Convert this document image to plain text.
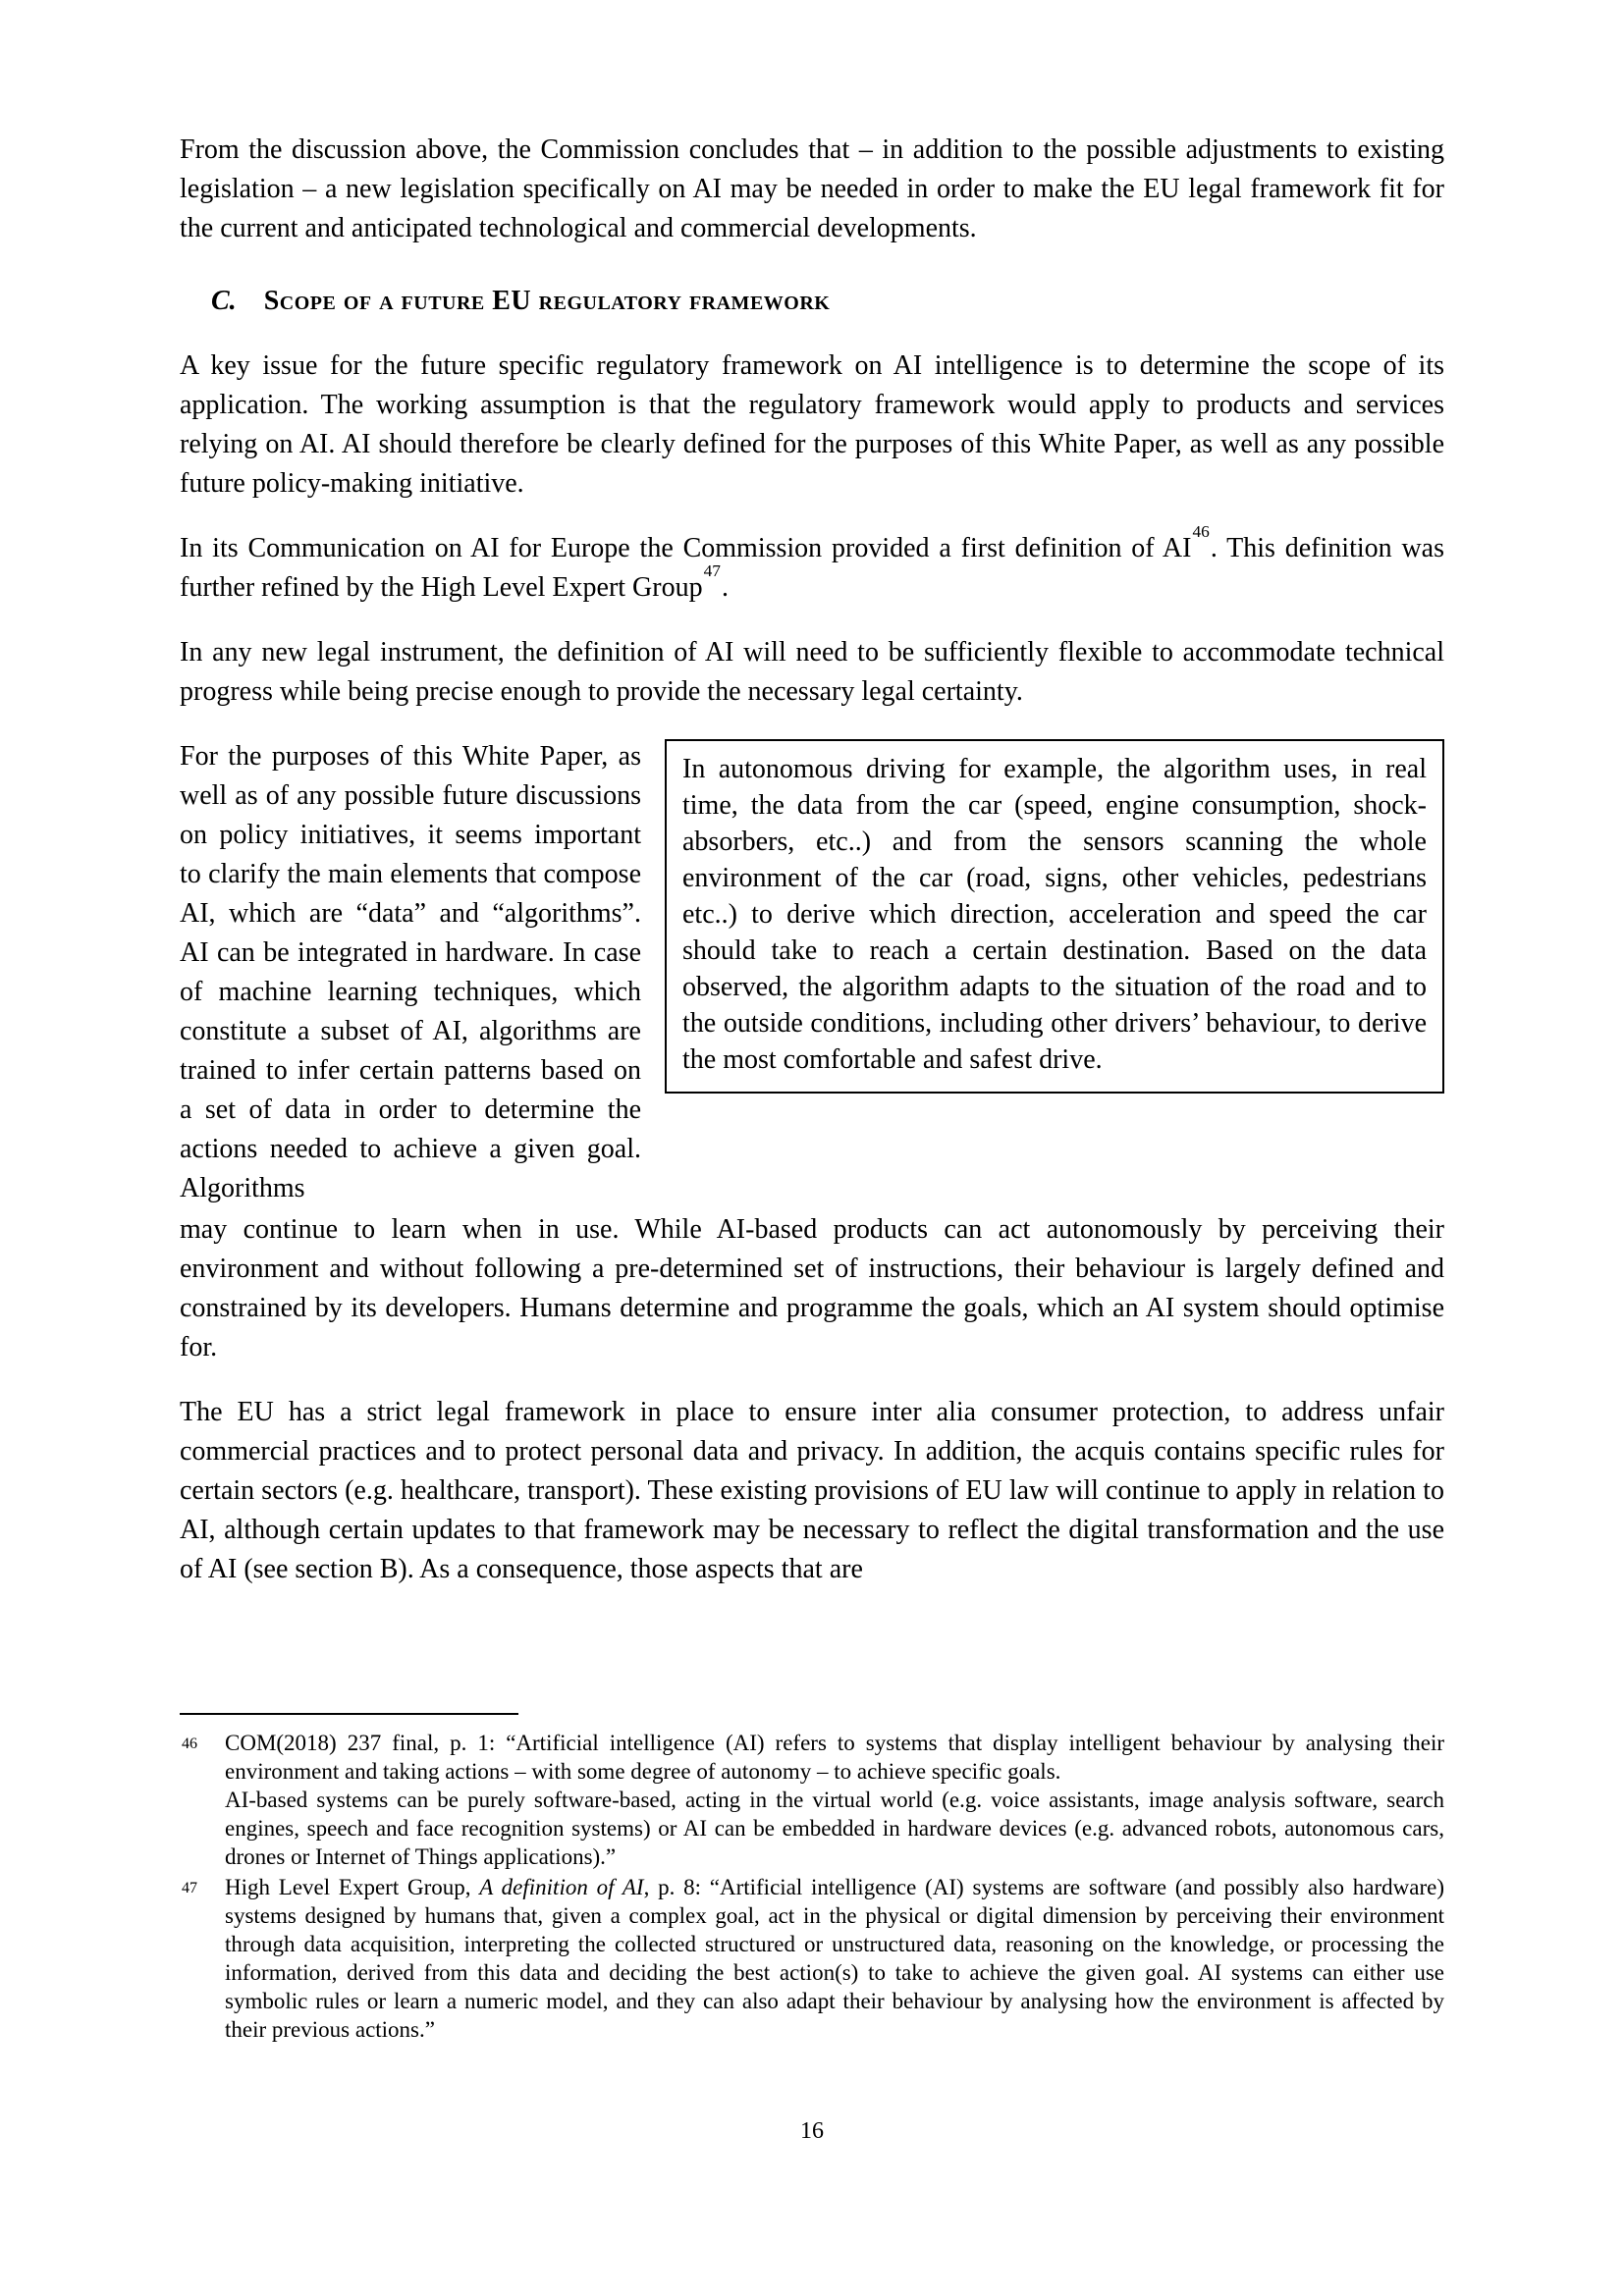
From the discussion above, the Commission concludes that – in addition to the possible adjustments to existing legislation – a new legislation specifically on AI may be needed in order to make the EU legal framework fit for the current and anticipated technological and commercial developments.

C. Scope of a future EU regulatory framework

A key issue for the future specific regulatory framework on AI intelligence is to determine the scope of its application. The working assumption is that the regulatory framework would apply to products and services relying on AI. AI should therefore be clearly defined for the purposes of this White Paper, as well as any possible future policy-making initiative.

In its Communication on AI for Europe the Commission provided a first definition of AI$^{46}$. This definition was further refined by the High Level Expert Group$^{47}$.

In any new legal instrument, the definition of AI will need to be sufficiently flexible to accommodate technical progress while being precise enough to provide the necessary legal certainty.

For the purposes of this White Paper, as well as of any possible future discussions on policy initiatives, it seems important to clarify the main elements that compose AI, which are “data” and “algorithms”. AI can be integrated in hardware. In case of machine learning techniques, which constitute a subset of AI, algorithms are trained to infer certain patterns based on a set of data in order to determine the actions needed to achieve a given goal. Algorithms

In autonomous driving for example, the algorithm uses, in real time, the data from the car (speed, engine consumption, shock-absorbers, etc..) and from the sensors scanning the whole environment of the car (road, signs, other vehicles, pedestrians etc..) to derive which direction, acceleration and speed the car should take to reach a certain destination. Based on the data observed, the algorithm adapts to the situation of the road and to the outside conditions, including other drivers’ behaviour, to derive the most comfortable and safest drive.

may continue to learn when in use. While AI-based products can act autonomously by perceiving their environment and without following a pre-determined set of instructions, their behaviour is largely defined and constrained by its developers. Humans determine and programme the goals, which an AI system should optimise for.

The EU has a strict legal framework in place to ensure inter alia consumer protection, to address unfair commercial practices and to protect personal data and privacy. In addition, the acquis contains specific rules for certain sectors (e.g. healthcare, transport). These existing provisions of EU law will continue to apply in relation to AI, although certain updates to that framework may be necessary to reflect the digital transformation and the use of AI (see section B). As a consequence, those aspects that are

46 COM(2018) 237 final, p. 1: “Artificial intelligence (AI) refers to systems that display intelligent behaviour by analysing their environment and taking actions – with some degree of autonomy – to achieve specific goals.
AI-based systems can be purely software-based, acting in the virtual world (e.g. voice assistants, image analysis software, search engines, speech and face recognition systems) or AI can be embedded in hardware devices (e.g. advanced robots, autonomous cars, drones or Internet of Things applications).”
47 High Level Expert Group, A definition of AI, p. 8: “Artificial intelligence (AI) systems are software (and possibly also hardware) systems designed by humans that, given a complex goal, act in the physical or digital dimension by perceiving their environment through data acquisition, interpreting the collected structured or unstructured data, reasoning on the knowledge, or processing the information, derived from this data and deciding the best action(s) to take to achieve the given goal. AI systems can either use symbolic rules or learn a numeric model, and they can also adapt their behaviour by analysing how the environment is affected by their previous actions.”
16
